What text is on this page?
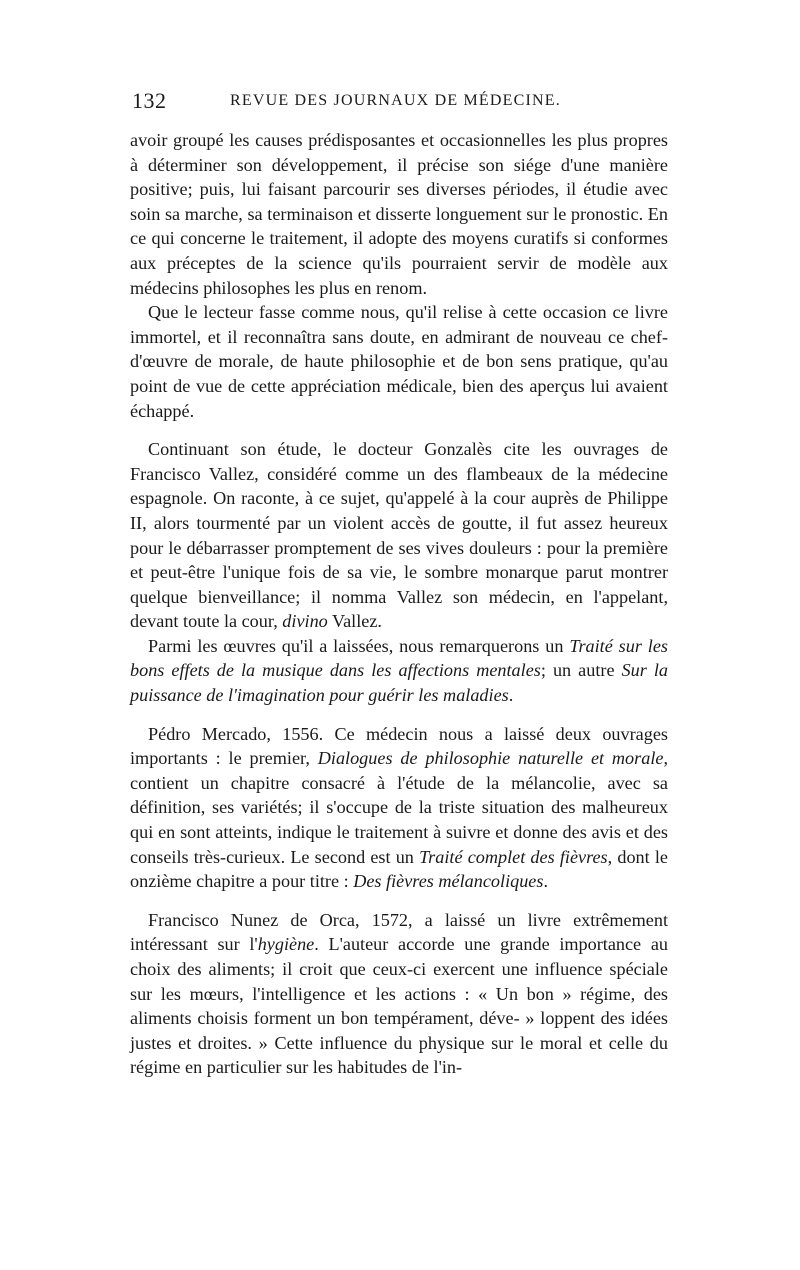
132	REVUE DES JOURNAUX DE MÉDECINE.

avoir groupé les causes prédisposantes et occasionnelles les plus propres à déterminer son développement, il précise son siége d'une manière positive; puis, lui faisant parcourir ses diverses périodes, il étudie avec soin sa marche, sa terminaison et disserte longuement sur le pronostic. En ce qui concerne le traitement, il adopte des moyens curatifs si conformes aux préceptes de la science qu'ils pourraient servir de modèle aux médecins philosophes les plus en renom.

Que le lecteur fasse comme nous, qu'il relise à cette occasion ce livre immortel, et il reconnaîtra sans doute, en admirant de nouveau ce chef-d'œuvre de morale, de haute philosophie et de bon sens pratique, qu'au point de vue de cette appréciation médicale, bien des aperçus lui avaient échappé.

Continuant son étude, le docteur Gonzalès cite les ouvrages de Francisco Vallez, considéré comme un des flambeaux de la médecine espagnole. On raconte, à ce sujet, qu'appelé à la cour auprès de Philippe II, alors tourmenté par un violent accès de goutte, il fut assez heureux pour le débarrasser promptement de ses vives douleurs : pour la première et peut-être l'unique fois de sa vie, le sombre monarque parut montrer quelque bienveillance; il nomma Vallez son médecin, en l'appelant, devant toute la cour, divino Vallez.

Parmi les œuvres qu'il a laissées, nous remarquerons un Traité sur les bons effets de la musique dans les affections mentales; un autre Sur la puissance de l'imagination pour guérir les maladies.

Pédro Mercado, 1556. Ce médecin nous a laissé deux ouvrages importants : le premier, Dialogues de philosophie naturelle et morale, contient un chapitre consacré à l'étude de la mélancolie, avec sa définition, ses variétés; il s'occupe de la triste situation des malheureux qui en sont atteints, indique le traitement à suivre et donne des avis et des conseils très-curieux. Le second est un Traité complet des fièvres, dont le onzième chapitre a pour titre : Des fièvres mélancoliques.

Francisco Nunez de Orca, 1572, a laissé un livre extrêmement intéressant sur l'hygiène. L'auteur accorde une grande importance au choix des aliments; il croit que ceux-ci exercent une influence spéciale sur les mœurs, l'intelligence et les actions : « Un bon » régime, des aliments choisis forment un bon tempérament, déve- » loppent des idées justes et droites. » Cette influence du physique sur le moral et celle du régime en particulier sur les habitudes de l'in-
